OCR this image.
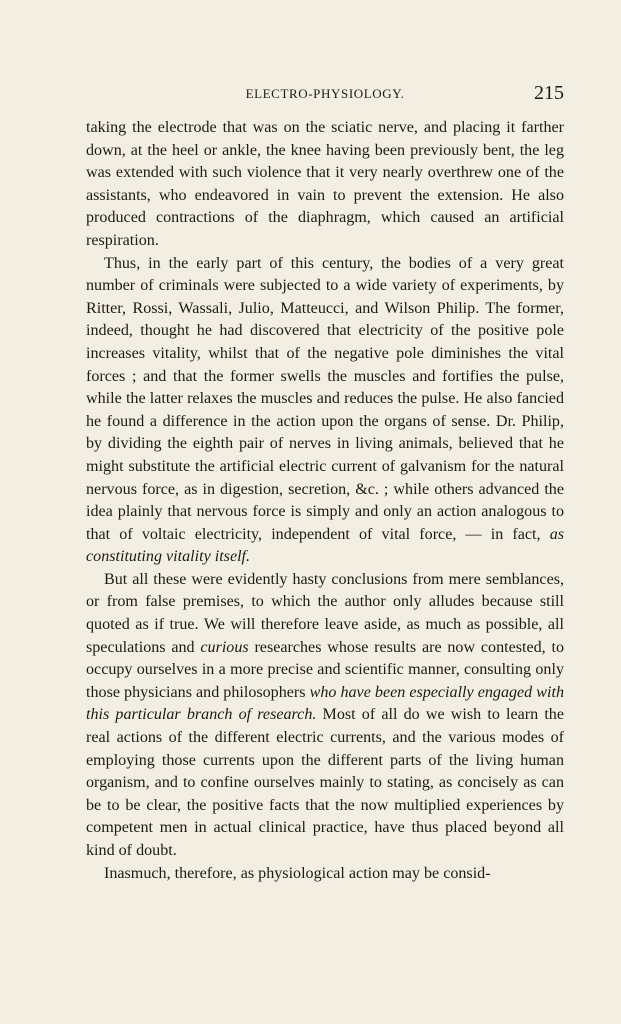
ELECTRO-PHYSIOLOGY.	215

taking the electrode that was on the sciatic nerve, and placing it farther down, at the heel or ankle, the knee having been previously bent, the leg was extended with such violence that it very nearly overthrew one of the assistants, who endeavored in vain to prevent the extension. He also produced contractions of the diaphragm, which caused an artificial respiration.

Thus, in the early part of this century, the bodies of a very great number of criminals were subjected to a wide variety of experiments, by Ritter, Rossi, Wassali, Julio, Matteucci, and Wilson Philip. The former, indeed, thought he had discovered that electricity of the positive pole increases vitality, whilst that of the negative pole diminishes the vital forces ; and that the former swells the muscles and fortifies the pulse, while the latter relaxes the muscles and reduces the pulse. He also fancied he found a difference in the action upon the organs of sense. Dr. Philip, by dividing the eighth pair of nerves in living animals, believed that he might substitute the artificial electric current of galvanism for the natural nervous force, as in digestion, secretion, &c. ; while others advanced the idea plainly that nervous force is simply and only an action analogous to that of voltaic electricity, independent of vital force, — in fact, as constituting vitality itself.

But all these were evidently hasty conclusions from mere semblances, or from false premises, to which the author only alludes because still quoted as if true. We will therefore leave aside, as much as possible, all speculations and curious researches whose results are now contested, to occupy ourselves in a more precise and scientific manner, consulting only those physicians and philosophers who have been especially engaged with this particular branch of research. Most of all do we wish to learn the real actions of the different electric currents, and the various modes of employing those currents upon the different parts of the living human organism, and to confine ourselves mainly to stating, as concisely as can be to be clear, the positive facts that the now multiplied experiences by competent men in actual clinical practice, have thus placed beyond all kind of doubt.

Inasmuch, therefore, as physiological action may be consid-
